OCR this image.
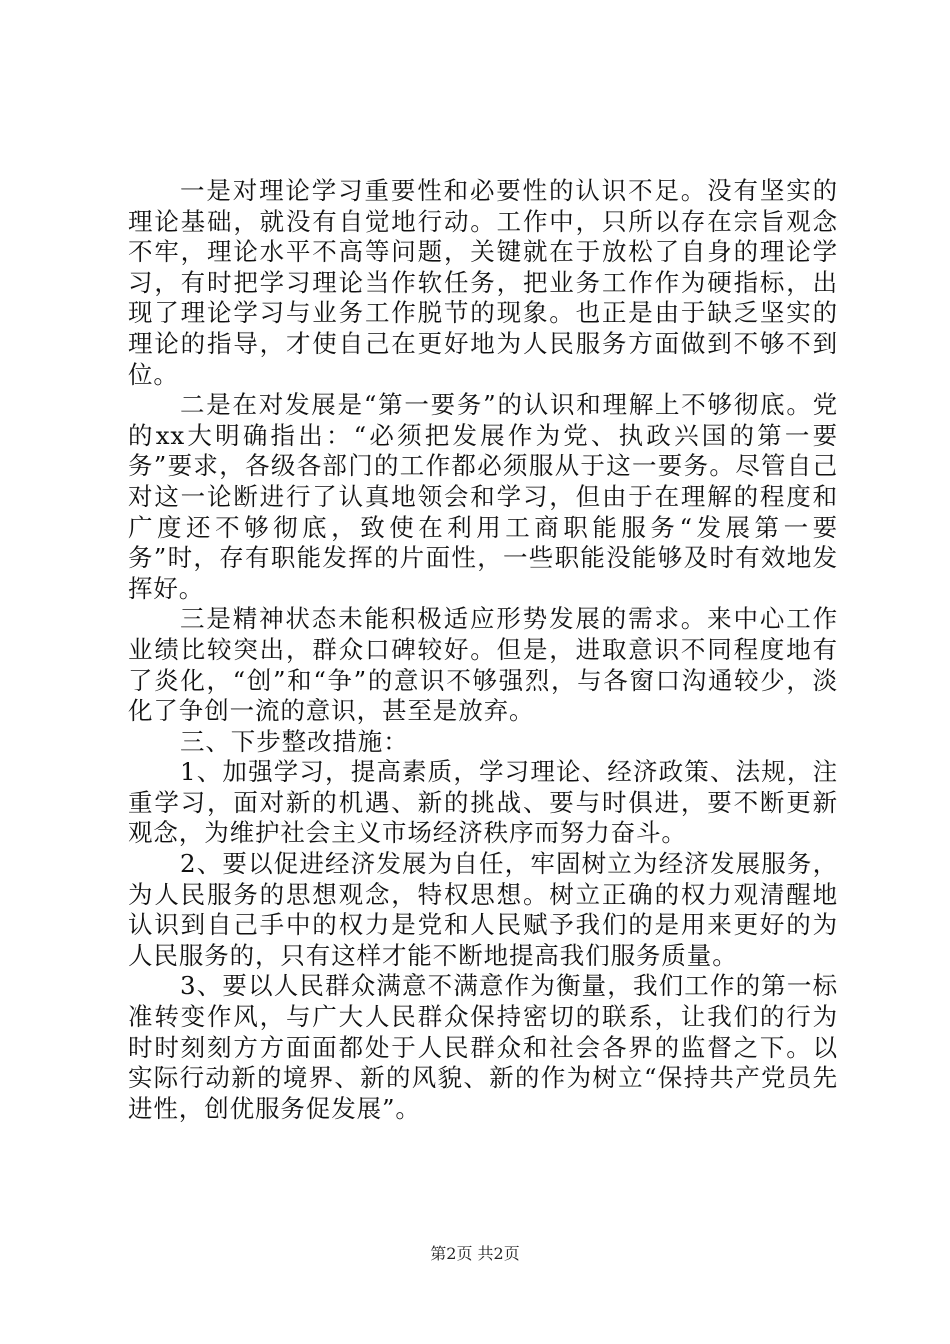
一是对理论学习重要性和必要性的认识不足。没有坚实的理论基础，就没有自觉地行动。工作中，只所以存在宗旨观念不牢，理论水平不高等问题，关键就在于放松了自身的理论学习，有时把学习理论当作软任务，把业务工作作为硬指标，出现了理论学习与业务工作脱节的现象。也正是由于缺乏坚实的理论的指导，才使自己在更好地为人民服务方面做到不够不到位。

二是在对发展是“第一要务”的认识和理解上不够彻底。党的xx大明确指出：“必须把发展作为党、执政兴国的第一要务”要求，各级各部门的工作都必须服从于这一要务。尽管自己对这一论断进行了认真地领会和学习，但由于在理解的程度和广度还不够彻底，致使在利用工商职能服务“发展第一要务”时，存有职能发挥的片面性，一些职能没能够及时有效地发挥好。

三是精神状态未能积极适应形势发展的需求。来中心工作业绩比较突出，群众口碑较好。但是，进取意识不同程度地有了炎化，“创”和“争”的意识不够强烈，与各窗口沟通较少，淡化了争创一流的意识，甚至是放弃。

三、下步整改措施：

1、加强学习，提高素质，学习理论、经济政策、法规，注重学习，面对新的机遇、新的挑战、要与时俱进，要不断更新观念，为维护社会主义市场经济秩序而努力奋斗。

2、要以促进经济发展为自任，牢固树立为经济发展服务，为人民服务的思想观念，特权思想。树立正确的权力观清醒地认识到自己手中的权力是党和人民赋予我们的是用来更好的为人民服务的，只有这样才能不断地提高我们服务质量。

3、要以人民群众满意不满意作为衡量，我们工作的第一标准转变作风，与广大人民群众保持密切的联系，让我们的行为时时刻刻方方面面都处于人民群众和社会各界的监督之下。以实际行动新的境界、新的风貌、新的作为树立“保持共产党员先进性，创优服务促发展”。

第2页 共2页
